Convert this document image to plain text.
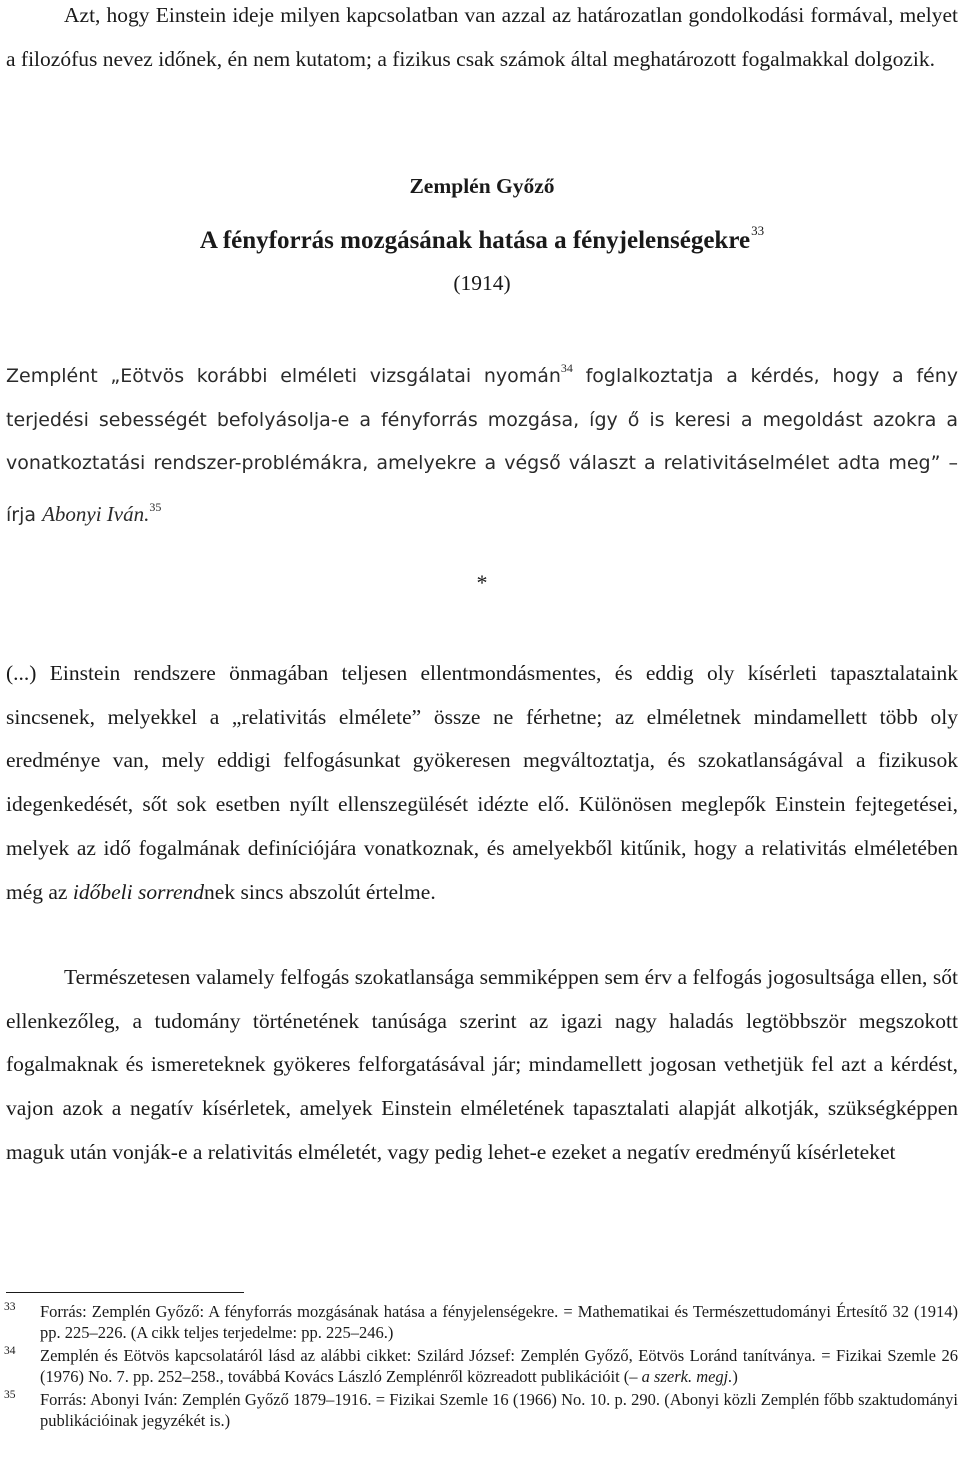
Azt, hogy Einstein ideje milyen kapcsolatban van azzal az határozatlan gondolkodási formával, melyet a filozófus nevez időnek, én nem kutatom; a fizikus csak számok által meghatározott fogalmakkal dolgozik.

Zemplén Győző
A fényforrás mozgásának hatása a fényjelenségekre$^{33}$
(1914)

Zemplént „Eötvös korábbi elméleti vizsgálatai nyomán$^{34}$ foglalkoztatja a kérdés, hogy a fény terjedési sebességét befolyásolja-e a fényforrás mozgása, így ő is keresi a megoldást azokra a vonatkoztatási rendszer-problémákra, amelyekre a végső választ a relativitáselmélet adta meg” – írja Abonyi Iván.$^{35}$

*

(...) Einstein rendszere önmagában teljesen ellentmondásmentes, és eddig oly kísérleti tapasztalataink sincsenek, melyekkel a „relativitás elmélete” össze ne férhetne; az elméletnek mindamellett több oly eredménye van, mely eddigi felfogásunkat gyökeresen megváltoztatja, és szokatlanságával a fizikusok idegenkedését, sőt sok esetben nyílt ellenszegülését idézte elő. Különösen meglepők Einstein fejtegetései, melyek az idő fogalmának definíciójára vonatkoznak, és amelyekből kitűnik, hogy a relativitás elméletében még az időbeli sorrendnek sincs abszolút értelme.

Természetesen valamely felfogás szokatlansága semmiképpen sem érv a felfogás jogosultsága ellen, sőt ellenkezőleg, a tudomány történetének tanúsága szerint az igazi nagy haladás legtöbbször megszokott fogalmaknak és ismereteknek gyökeres felforgatásával jár; mindamellett jogosan vethetjük fel azt a kérdést, vajon azok a negatív kísérletek, amelyek Einstein elméletének tapasztalati alapját alkotják, szükségképpen maguk után vonják-e a relativitás elméletét, vagy pedig lehet-e ezeket a negatív eredményű kísérleteket

33 Forrás: Zemplén Győző: A fényforrás mozgásának hatása a fényjelenségekre. = Mathematikai és Természettudományi Értesítő 32 (1914) pp. 225–226. (A cikk teljes terjedelme: pp. 225–246.)
34 Zemplén és Eötvös kapcsolatáról lásd az alábbi cikket: Szilárd József: Zemplén Győző, Eötvös Loránd tanítványa. = Fizikai Szemle 26 (1976) No. 7. pp. 252–258., továbbá Kovács László Zemplénről közreadott publikációit (– a szerk. megj.)
35 Forrás: Abonyi Iván: Zemplén Győző 1879–1916. = Fizikai Szemle 16 (1966) No. 10. p. 290. (Abonyi közli Zemplén főbb szaktudományi publikációinak jegyzékét is.)
